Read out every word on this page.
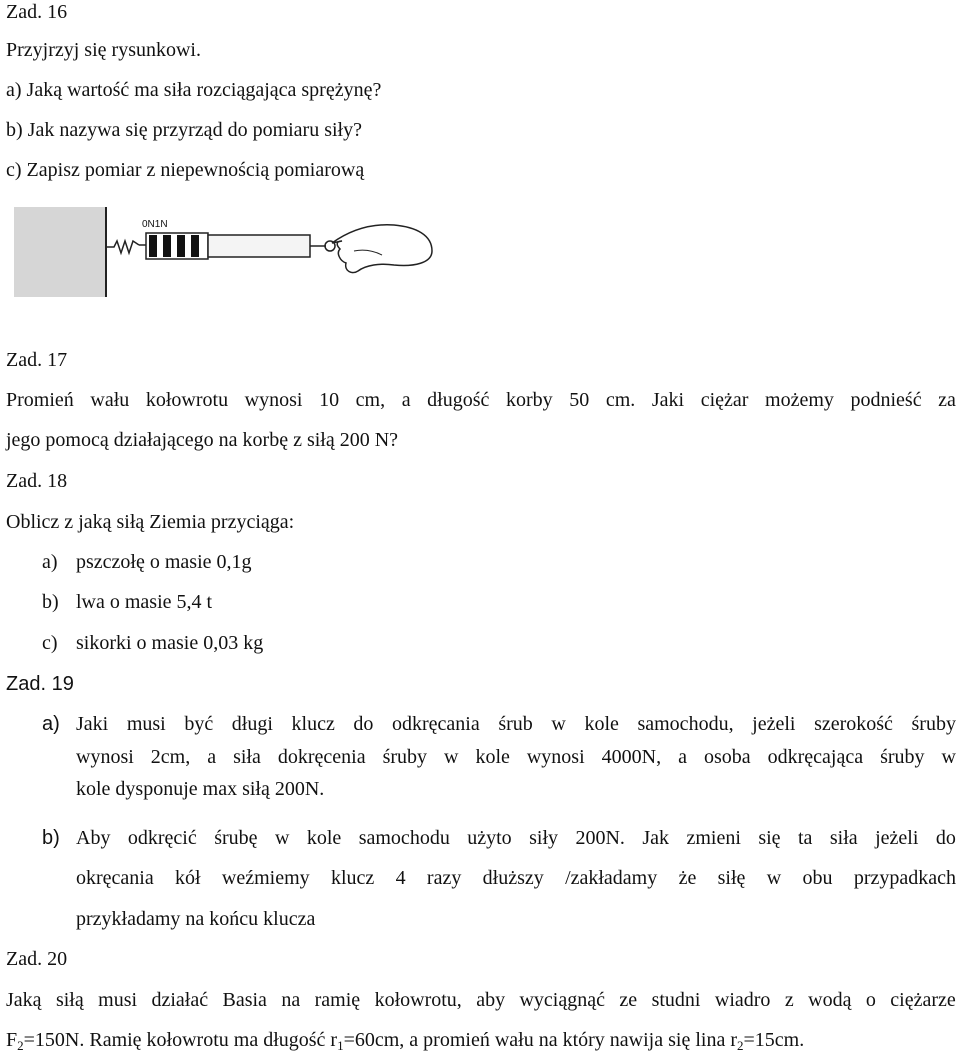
Zad. 16
Przyjrzyj się rysunkowi.
a) Jaką wartość ma siła rozciągająca sprężynę?
b) Jak nazywa się przyrząd do pomiaru siły?
c) Zapisz pomiar z niepewnością pomiarową
0N1N
Zad. 17
Promień wału kołowrotu wynosi 10 cm, a długość korby 50 cm. Jaki ciężar możemy podnieść za
jego pomocą działającego na korbę z siłą 200 N?
Zad. 18
Oblicz z jaką siłą Ziemia przyciąga:
a) pszczołę o masie 0,1g
b) lwa o masie 5,4 t
c) sikorki o masie 0,03 kg
Zad. 19
a) Jaki musi być długi klucz do odkręcania śrub w kole samochodu, jeżeli szerokość śruby
wynosi 2cm, a siła dokręcenia śruby w kole wynosi 4000N, a osoba odkręcająca śruby w
kole dysponuje max siłą 200N.
b) Aby odkręcić śrubę w kole samochodu użyto siły 200N. Jak zmieni się ta siła jeżeli do
okręcania kół weźmiemy klucz 4 razy dłuższy /zakładamy że siłę w obu przypadkach
przykładamy na końcu klucza
Zad. 20
Jaką siłą musi działać Basia na ramię kołowrotu, aby wyciągnąć ze studni wiadro z wodą o ciężarze
$F_2=150N$. Ramię kołowrotu ma długość $r_1=60cm$, a promień wału na który nawija się lina $r_2=15cm$.
